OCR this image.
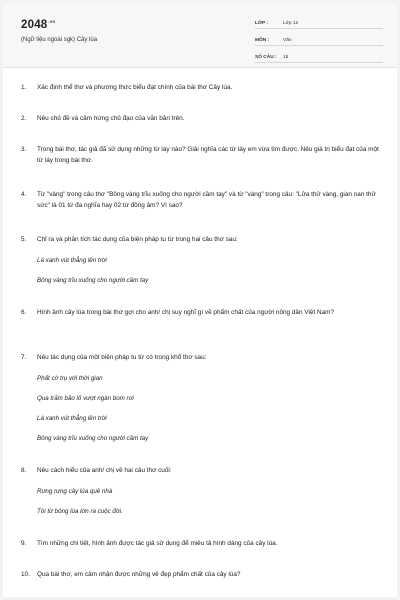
$2048^{.vn}$
(Ngữ liệu ngoài sgk) Cây lúa
LỚP :	Lớp 12
MÔN :	Văn
SỐ CÂU :	15
1.	Xác định thể thơ và phương thức biểu đạt chính của bài thơ Cây lúa.
2.	Nêu chủ đề và cảm hứng chủ đạo của văn bản trên.
3.	Trong bài thơ, tác giả đã sử dụng những từ láy nào? Giải nghĩa các từ láy em vừa tìm được. Nêu giá trị biểu đạt của một từ láy trong bài thơ.
4.	Từ "vàng" trong câu thơ "Bông vàng trĩu xuống cho người cầm tay" và từ "vàng" trong câu: "Lửa thử vàng, gian nan thử sức" là 01 từ đa nghĩa hay 02 từ đồng âm? Vì sao?
5.	Chỉ ra và phân tích tác dụng của biện pháp tu từ trong hai câu thơ sau:
Lá xanh vút thẳng lên trời
Bông vàng trĩu xuống cho người cầm tay
6.	Hình ảnh cây lúa trong bài thơ gợi cho anh/ chị suy nghĩ gì về phẩm chất của người nông dân Việt Nam?
7.	Nêu tác dụng của một biện pháp tu từ có trong khổ thơ sau:
Phất cờ trụ với thời gian
Qua trăm bão lố vượt ngàn bom rơi
Lá xanh vút thẳng lên trời
Bông vàng trĩu xuống cho người cầm tay
8.	Nêu cách hiểu của anh/ chị về hai câu thơ cuối:
Rưng rưng cây lúa quê nhà
Tôi từ bông lúa lớn ra cuộc đời.
9.	Tìm những chi tiết, hình ảnh được tác giả sử dụng để miêu tả hình dáng của cây lúa.
10.	Qua bài thơ, em cảm nhận được những vẻ đẹp phẩm chất của cây lúa?
